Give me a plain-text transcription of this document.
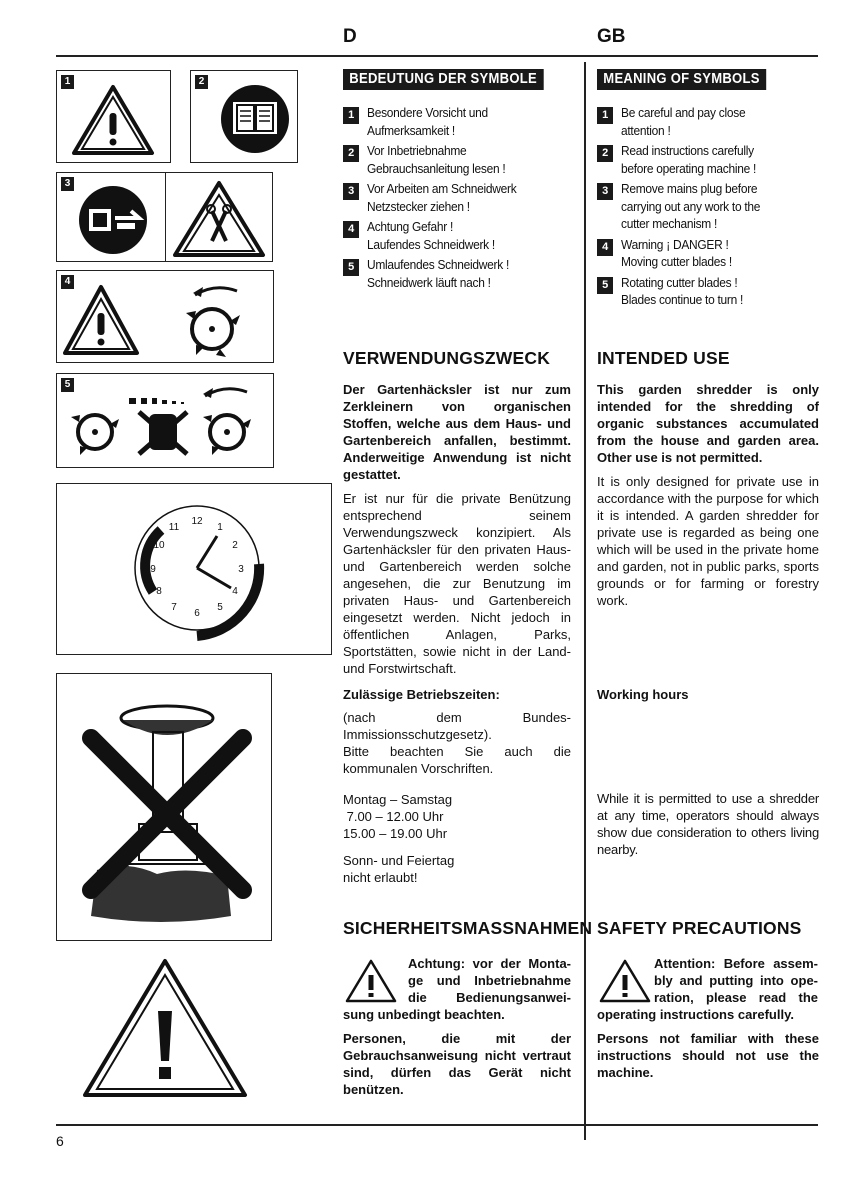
D	GB
1	2
3
4
5
12
1
2
3
4
5
6
7
8
9
10
11
BEDEUTUNG DER SYMBOLE	MEANING OF SYMBOLS
1	Besondere Vorsicht und
Aufmerksamkeit !
2	Vor Inbetriebnahme
Gebrauchsanleitung lesen !
3	Vor Arbeiten am Schneidwerk
Netzstecker ziehen !
4	Achtung Gefahr !
Laufendes Schneidwerk !
5	Umlaufendes Schneidwerk !
Schneidwerk läuft nach !
1	Be careful and pay close
attention !
2	Read instructions carefully
before operating machine !
3	Remove mains plug before
carrying out any work to the
cutter mechanism !
4	Warning ¡ DANGER !
Moving cutter blades !
5	Rotating cutter blades !
Blades continue to turn !
VERWENDUNGSZWECK	INTENDED USE

Der Gartenhäcksler ist nur zum Zerkleinern von organischen Stoffen, welche aus dem Haus- und Gartenbereich anfallen, bestimmt. Anderweitige Anwendung ist nicht gestattet.

Er ist nur für die private Benützung entsprechend seinem Verwendungszweck konzipiert. Als Gartenhäcksler für den privaten Haus- und Gartenbereich werden solche angesehen, die zur Benutzung im privaten Haus- und Gartenbereich eingesetzt werden. Nicht jedoch in öffentlichen Anlagen, Parks, Sportstätten, sowie nicht in der Land- und Forstwirtschaft.

This garden shredder is only intended for the shredding of organic substances accumulated from the house and garden area. Other use is not permitted.

It is only designed for private use in accordance with the purpose for which it is intended. A garden shredder for private use is regarded as being one which will be used in the private home and garden, not in public parks, sports grounds or for farming or forestry work.

Zulässige Betriebszeiten:

(nach dem Bundes-Immissionsschutzgesetz).

Bitte beachten Sie auch die kommunalen Vorschriften.

Montag – Samstag
7.00 – 12.00 Uhr
15.00 – 19.00 Uhr
Sonn- und Feiertag
nicht erlaubt!

Working hours

While it is permitted to use a shredder at any time, operators should always show due consideration to others living nearby.

SICHERHEITSMASSNAHMEN SAFETY PRECAUTIONS
Achtung: vor der Monta-
ge und Inbetriebnahme
die Bedienungsanwei-

sung unbedingt beachten.

Personen, die mit der Gebrauchsanweisung nicht vertraut sind, dürfen das Gerät nicht benützen.

Attention: Before assem-
bly and putting into ope-
ration, please read the

operating instructions carefully.

Persons not familiar with these instructions should not use the machine.

6
